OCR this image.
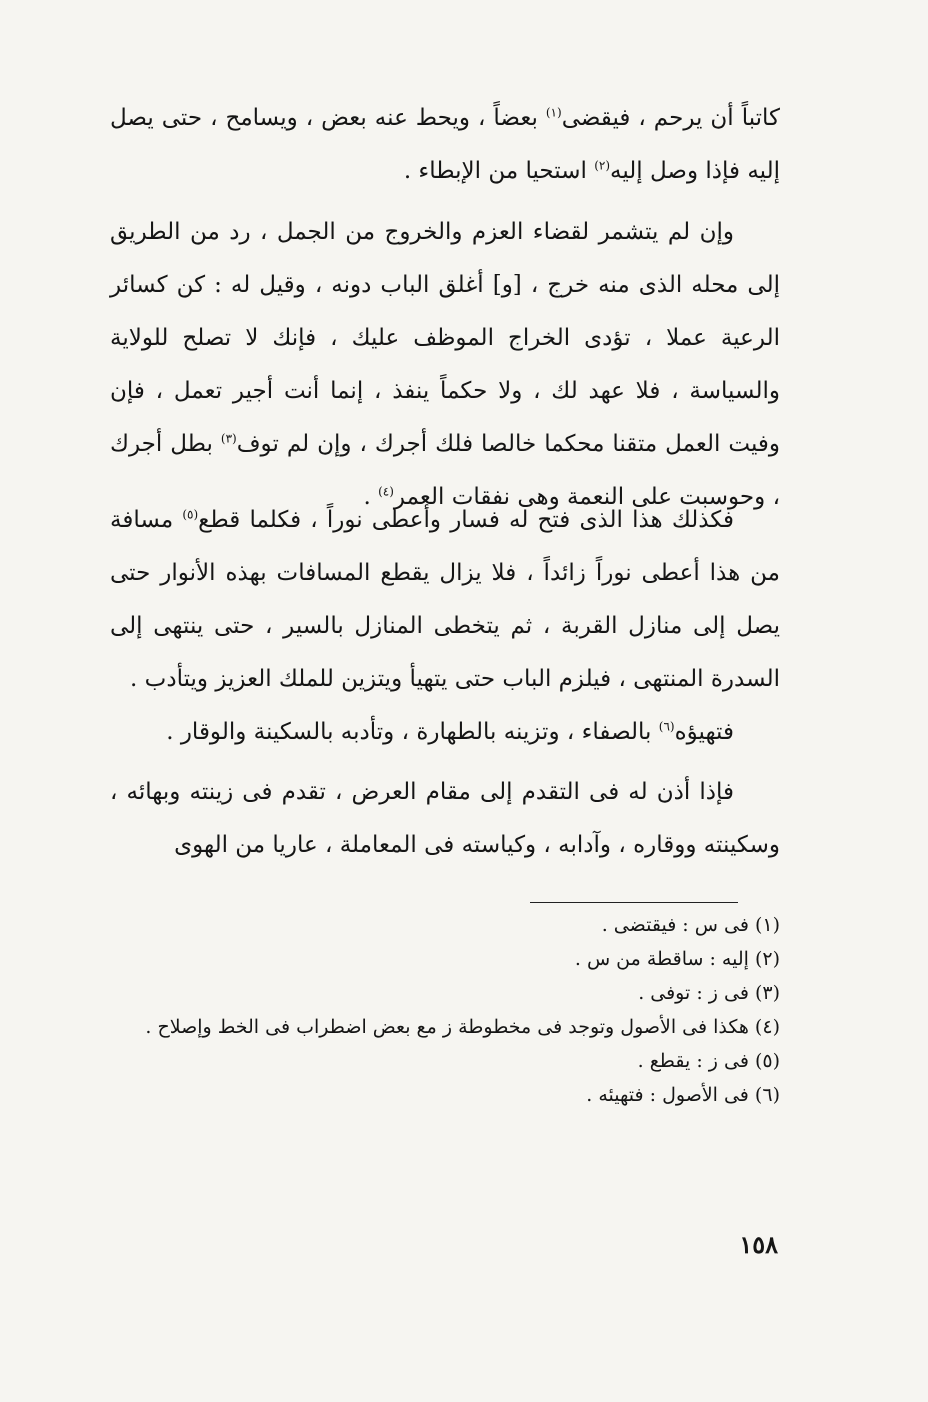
كاتباً أن يرحم ، فيقضى$^{(١)}$ بعضاً ، ويحط عنه بعض ، ويسامح ، حتى يصل إليه فإذا وصل إليه$^{(٢)}$ استحيا من الإبطاء .

وإن لم يتشمر لقضاء العزم والخروج من الجمل ، رد من الطريق إلى محله الذى منه خرج ، [و] أغلق الباب دونه ، وقيل له : كن كسائر الرعية عملا ، تؤدى الخراج الموظف عليك ، فإنك لا تصلح للولاية والسياسة ، فلا عهد لك ، ولا حكماً ينفذ ، إنما أنت أجير تعمل ، فإن وفيت العمل متقنا محكما خالصا فلك أجرك ، وإن لم توف$^{(٣)}$ بطل أجرك ، وحوسبت على النعمة وهى نفقات العمر$^{(٤)}$ .

فكذلك هذا الذى فتح له فسار وأعطى نوراً ، فكلما قطع$^{(٥)}$ مسافة من هذا أعطى نوراً زائداً ، فلا يزال يقطع المسافات بهذه الأنوار حتى يصل إلى منازل القربة ، ثم يتخطى المنازل بالسير ، حتى ينتهى إلى السدرة المنتهى ، فيلزم الباب حتى يتهيأ ويتزين للملك العزيز ويتأدب .

فتهيؤه$^{(٦)}$ بالصفاء ، وتزينه بالطهارة ، وتأدبه بالسكينة والوقار .

فإذا أذن له فى التقدم إلى مقام العرض ، تقدم فى زينته وبهائه ، وسكينته ووقاره ، وآدابه ، وكياسته فى المعاملة ، عاريا من الهوى

(١) فى س : فيقتضى .

(٢) إليه : ساقطة من س .

(٣) فى ز : توفى .

(٤) هكذا فى الأصول وتوجد فى مخطوطة ز مع بعض اضطراب فى الخط وإصلاح .

(٥) فى ز : يقطع .

(٦) فى الأصول : فتهيئه .

١٥٨
